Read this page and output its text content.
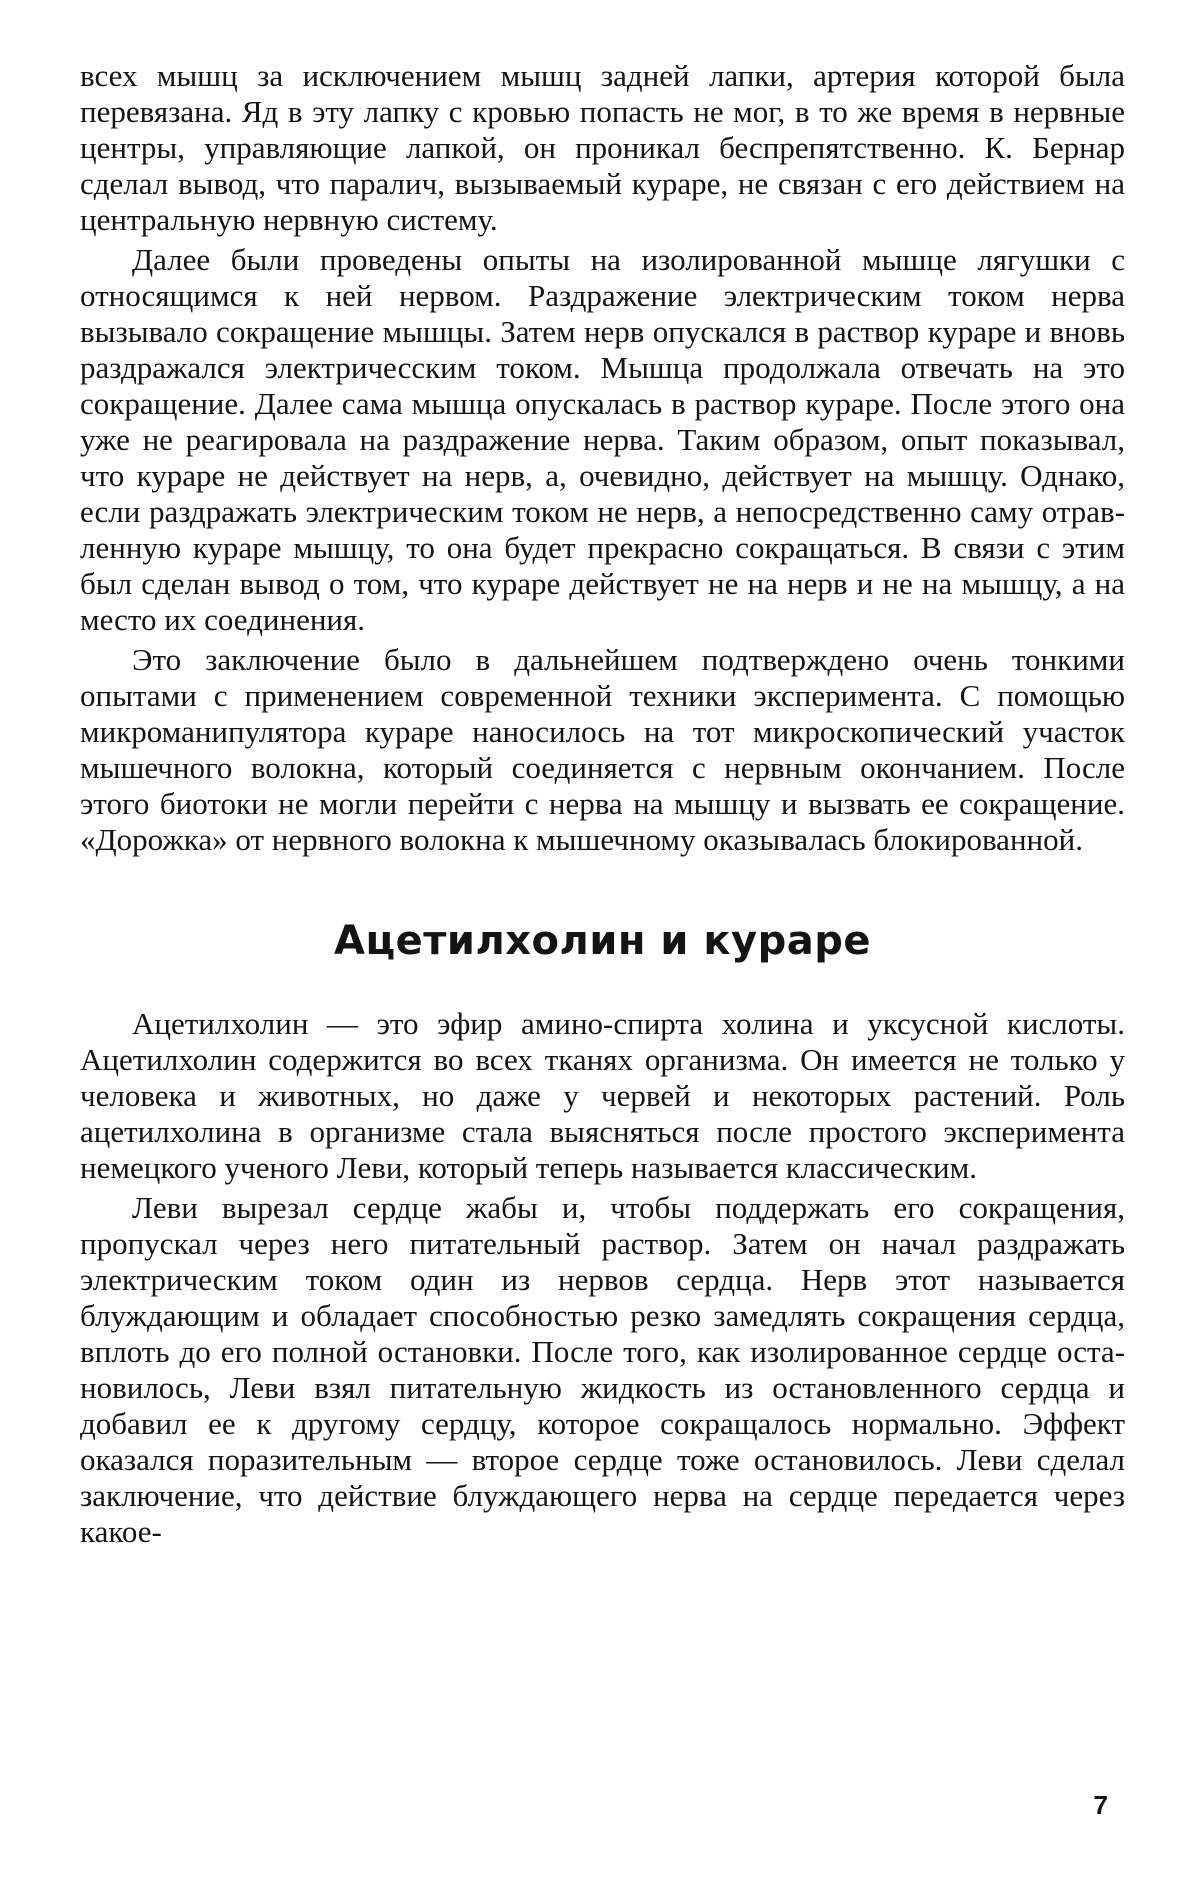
всех мышц за исключением мышц задней лапки, артерия которой была перевязана. Яд в эту лапку с кровью попасть не мог, в то же время в нервные центры, управляющие лапкой, он проникал беспрепятственно. К. Бернар сделал вывод, что паралич, вызываемый кураре, не связан с его действием на центральную нервную систему.

Далее были проведены опыты на изолированной мышце лягушки с относящимся к ней нервом. Раздражение электрическим током нерва вызывало сокращение мышцы. Затем нерв опускался в раствор кураре и вновь раздражался электричесским током. Мышца продолжала отвечать на это сокращение. Далее сама мышца опускалась в раствор кураре. После этого она уже не реагировала на раздражение нерва. Таким образом, опыт показывал, что кураре не действует на нерв, а, очевидно, действует на мышцу. Однако, если раздражать электрическим током не нерв, а непосредственно саму отравленную кураре мышцу, то она будет прекрасно сокращаться. В связи с этим был сделан вывод о том, что кураре действует не на нерв и не на мышцу, а на место их соединения.

Это заключение было в дальнейшем подтверждено очень тонкими опытами с применением современной техники эксперимента. С помощью микроманипулятора кураре наносилось на тот микроскопический участок мышечного волокна, который соединяется с нервным окончанием. После этого биотоки не могли перейти с нерва на мышцу и вызвать ее сокращение. «Дорожка» от нервного волокна к мышечному оказывалась блокированной.

Ацетилхолин и кураре

Ацетилхолин — это эфир амино-спирта холина и уксусной кислоты. Ацетилхолин содержится во всех тканях организма. Он имеется не только у человека и животных, но даже у червей и некоторых растений. Роль ацетилхолина в организме стала выясняться после простого эксперимента немецкого ученого Леви, который теперь называется классическим.

Леви вырезал сердце жабы и, чтобы поддержать его сокращения, пропускал через него питательный раствор. Затем он начал раздражать электрическим током один из нервов сердца. Нерв этот называется блуждающим и обладает способностью резко замедлять сокращения сердца, вплоть до его полной остановки. После того, как изолированное сердце остановилось, Леви взял питательную жидкость из остановленного сердца и добавил ее к другому сердцу, которое сокращалось нормально. Эффект оказался поразительным — второе сердце тоже остановилось. Леви сделал заключение, что действие блуждающего нерва на сердце передается через какое-

7
